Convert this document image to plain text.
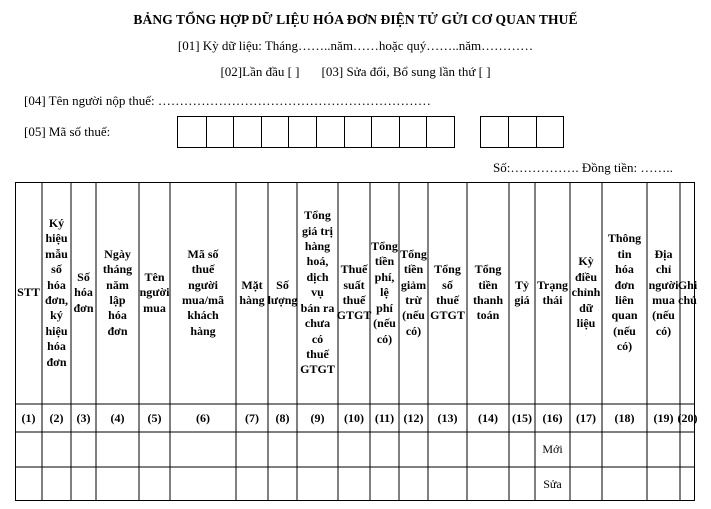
BẢNG TỔNG HỢP DỮ LIỆU HÓA ĐƠN ĐIỆN TỬ GỬI CƠ QUAN THUẾ
[01] Kỳ dữ liệu: Tháng……..năm……hoặc quý……..năm…………
[02]Lần đầu [ ] [03] Sửa đổi, Bổ sung lần thứ [ ]
[04] Tên người nộp thuế: ………………………………………………………
[05] Mã số thuế:
Số:……………. Đồng tiền: ……..
STT
(1)
Ký
hiệu
mẫu
số
hóa
đơn,
ký
hiệu
hóa
đơn
(2)
Số
hóa
đơn
(3)
Ngày
tháng
năm
lập
hóa
đơn
(4)
Tên
người
mua
(5)
Mã số
thuế
người
mua/mã
khách
hàng
(6)
Mặt
hàng
(7)
Số
lượng
(8)
Tổng
giá trị
hàng
hoá,
dịch
vụ
bán ra
chưa
có
thuế
GTGT
(9)
Thuế
suất
thuế
GTGT
(10)
Tổng
tiền
phí,
lệ
phí
(nếu
có)
(11)
Tổng
tiền
giảm
trừ
(nếu
có)
(12)
Tổng
số
thuế
GTGT
(13)
Tổng
tiền
thanh
toán
(14)
Tỷ
giá
(15)
Trạng
thái
(16)
Kỳ
điều
chỉnh
dữ
liệu
(17)
Thông
tin
hóa
đơn
liên
quan
(nếu
có)
(18)
Địa
chỉ
người
mua
(nếu
có)
(19)
Ghi
chú
(20)
Mới
Sửa
